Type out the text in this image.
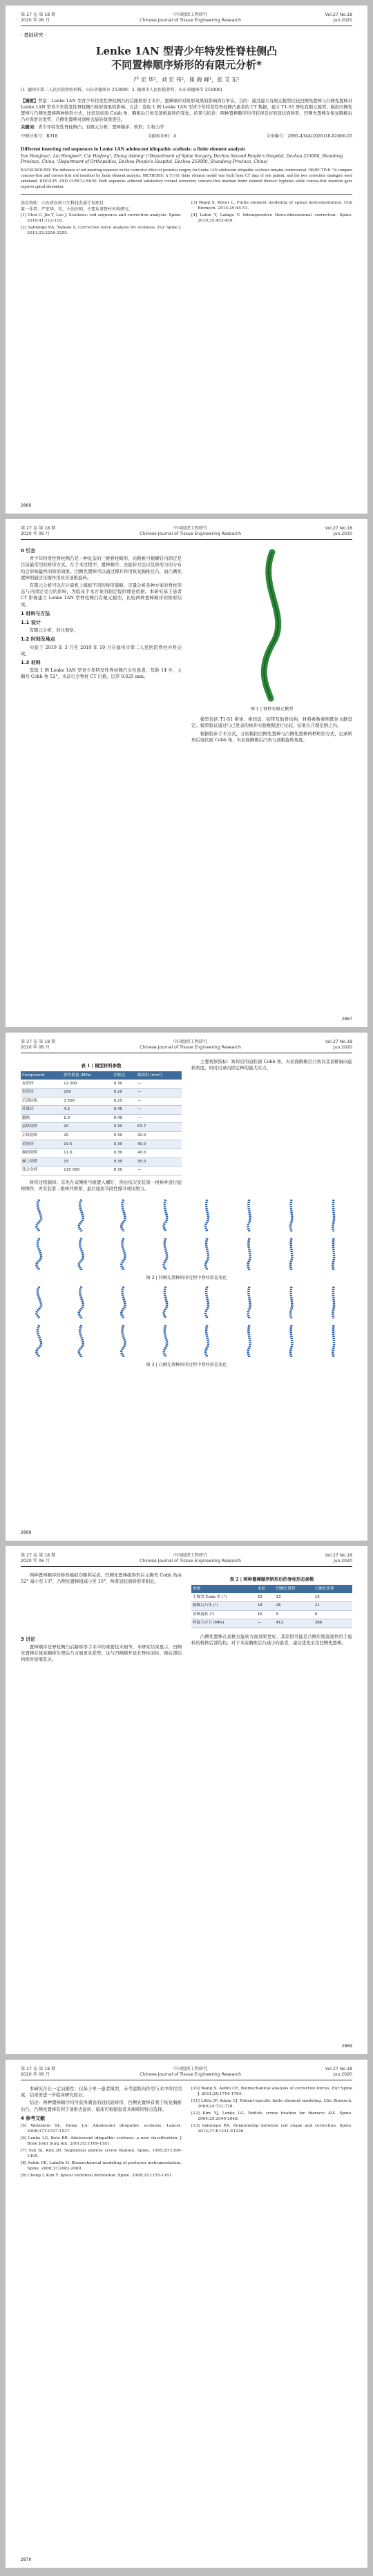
第 27 卷 第 18 期
2020 年 06 月
中国组织工程研究
Chinese Journal of Tissue Engineering Research
Vol.27 No.18
Jun.2020
· 基础研究 ·

Lenke 1AN 型青少年特发性脊柱侧凸
不同置棒顺序矫形的有限元分析*

严 宏 华¹，刘 宏 伟²，崔 海 峰¹，张 艾 东¹
(1. 德州市第二人民医院脊柱外科，山东省德州市 253000；2. 德州市人民医院骨科，山东省德州市 253000)
【摘要】背景：Lenke 1AN 型青少年特发性脊柱侧凸的后路矫形手术中，置棒顺序对矫形效果的影响尚存争议。目的：通过建立有限元模型比较凹侧先置棒与凸侧先置棒对 Lenke 1AN 型青少年特发性脊柱侧凸矫形效果的影响。方法：选取 1 例 Lenke 1AN 型青少年特发性脊柱侧凸患者的 CT 数据，建立 T1-S1 脊柱有限元模型，模拟凹侧先置棒与凸侧先置棒两种矫形方式，比较冠状面 Cobb 角、胸椎后凸角及顶椎旋转的变化。结果与结论：两种置棒顺序均可获得良好的冠状面矫形，凹侧先置棒在恢复胸椎后凸方面更具优势，凸侧先置棒对顶椎去旋转效果更佳。
关键词：青少年特发性脊柱侧凸；有限元分析；置棒顺序；矫形；生物力学
中图分类号：R318	文献标识码：A	文章编号：2095-4344(2020)18-02866-05
Different inserting rod sequences in Lenke 1AN adolescent idiopathic scoliosis: a finite element analysis
Yan Honghua¹, Liu Hongwei², Cui Haifeng¹, Zhang Aidong¹ (¹Department of Spine Surgery, Dezhou Second People's Hospital, Dezhou 253000, Shandong Province, China; ²Department of Orthopedics, Dezhou People's Hospital, Dezhou 253000, Shandong Province, China)
BACKGROUND: The influence of rod inserting sequence on the corrective effect of posterior surgery for Lenke 1AN adolescent idiopathic scoliosis remains controversial. OBJECTIVE: To compare concave-first and convex-first rod insertion by finite element analysis. METHODS: A T1-S1 finite element model was built from CT data of one patient, and the two correction strategies were simulated. RESULTS AND CONCLUSION: Both sequences achieved satisfactory coronal correction; concave-first insertion better restored thoracic kyphosis while convex-first insertion gave superior apical derotation.
基金资助：山东省医药卫生科技发展计划项目
第一作者：严宏华，男，主治医师，主要从事脊柱外科研究。
[1] Choi C, Jin Y, Lee J. Scoliosis: rod sequence and correction analysis. Spine. 2016;41:112-118.
[2] Salmingo RA, Tadano S. Corrective force analysis for scoliosis. Eur Spine J. 2013;22:2250-2255.
[3] Wang X, Boyer L. Finite element modeling of spinal instrumentation. Clin Biomech. 2014;29:44-51.
[4] Lafon Y, Lafage V. Intraoperative three-dimensional correction. Spine. 2010;35:453-459.
2866
第 27 卷 第 18 期
2020 年 06 月
中国组织工程研究
Chinese Journal of Tissue Engineering Research
Vol.27 No.18
Jun.2020
0 引言

青少年特发性脊柱侧凸是一种复杂的三维脊柱畸形，后路椎弓根螺钉内固定是目前最常用的矫形方式。在手术过程中，置棒顺序、去旋转方法以及矫形力的分布均会影响最终的矫形效果。凹侧先置棒可以通过撑开作用恢复胸椎后凸，而凸侧先置棒则通过压缩作用改善顶椎旋转。

有限元分析可以在计算机上模拟不同的矫形策略，定量分析各种方案对脊柱形态与内固定受力的影响，为临床手术方案的制定提供理论依据。本研究基于患者 CT 影像建立 Lenke 1AN 型脊柱侧凸有限元模型，比较两种置棒顺序的矫形结果。

1 材料与方法
1.1 设计

有限元分析，对比观察。

1.2 时间及地点

实验于 2019 年 3 月至 2019 年 10 月在德州市第二人民医院脊柱外科完成。

1.3 材料

选取 1 例 Lenke 1AN 型青少年特发性脊柱侧凸女性患者，年龄 14 岁，主胸弯 Cobb 角 52°，术前行全脊柱 CT 扫描，层厚 0.625 mm。

图 1 | 脊柱有限元模型

模型包括 T1-S1 椎体、椎间盘、韧带及肋骨结构，材料参数参照既往文献设定。模型验证通过与已发表的体外实验数据进行比较，结果在合理范围之内。

根据临床手术方式，分别模拟凹侧先置棒与凸侧先置棒两种矫形方式，记录矫形后冠状面 Cobb 角、矢状面胸椎后凸角与顶椎旋转角度。

2867
第 27 卷 第 18 期
2020 年 06 月
中国组织工程研究
Chinese Journal of Tissue Engineering Research
Vol.27 No.18
Jun.2020
表 1 | 模型材料参数
Component	弹性模量 (MPa)	泊松比	截面积 (mm²)
皮质骨	12 000	0.30	—
松质骨	100	0.20	—
后部结构	3 500	0.25	—
纤维环	4.2	0.45	—
髓核	1.0	0.49	—
前纵韧带	20	0.30	63.7
后纵韧带	20	0.30	20.0
黄韧带	19.5	0.30	40.0
棘间韧带	11.6	0.30	40.0
棘上韧带	15	0.30	30.0
钛合金棒	110 000	0.30	—

矫形过程模拟：首先在双侧椎弓根置入螺钉，然后依次安装第一根棒并进行旋棒操作，再安装第二根棒并锁紧，最后施加节段性撑开或压缩力。

主要观察指标：矫形后的冠状面 Cobb 角、矢状面胸椎后凸角以及顶椎轴向旋转角度，同时记录内固定棒的最大应力。

图 2 | 凹侧先置棒矫形过程中脊柱形态变化
图 3 | 凸侧先置棒矫形过程中脊柱形态变化
2868
第 27 卷 第 18 期
2020 年 06 月
中国组织工程研究
Chinese Journal of Tissue Engineering Research
Vol.27 No.18
Jun.2020

两种置棒顺序的矫形模拟均顺利完成。凹侧先置棒组矫形后主胸弯 Cobb 角由 52° 减小至 13°，凸侧先置棒组减小至 15°，两者冠状面矫形率相近。	表 2 | 两种置棒顺序矫形后的脊柱形态参数
参数	术前	凹侧先置棒	凸侧先置棒
主胸弯 Cobb 角 (°)	52	13	15
胸椎后凸角 (°)	18	26	21
顶椎旋转 (°)	16	9	6
棒最大应力 (MPa)	—	412	386
3 讨论

置棒顺序是脊柱侧凸后路矫形手术中的重要技术细节。本研究结果显示，凹侧先置棒在恢复胸椎生理后凸方面更具优势，这与凹侧撑开延长脊柱前柱、使后部结构相对短缩有关。

凸侧先置棒在顶椎去旋转方面效果更好，其原因可能是凸侧压缩直接作用于旋转的椎体后部结构。对于术前胸椎后凸减小的患者，建议优先采用凹侧先置棒。

2869
第 27 卷 第 18 期
2020 年 06 月
中国组织工程研究
Chinese Journal of Tissue Engineering Research
Vol.27 No.18
Jun.2020

本研究存在一定局限性：仅基于单一患者模型，未考虑肌肉作用与术中体位因素，结果需进一步临床研究验证。

结论：两种置棒顺序均可获得满意的冠状面矫形，凹侧先置棒有利于恢复胸椎后凸，凸侧先置棒有利于顶椎去旋转，临床可根据患者具体畸形特点选择。

4 参考文献
[5] Weinstein SL, Dolan LA. Adolescent idiopathic scoliosis. Lancet. 2008;371:1527-1537.
[6] Lenke LG, Betz RR. Adolescent idiopathic scoliosis: a new classification. J Bone Joint Surg Am. 2001;83:1169-1181.
[7] Suk SI, Kim JH. Segmental pedicle screw fixation. Spine. 1995;20:1399-1405.
[8] Aubin CE, Labelle H. Biomechanical modeling of posterior instrumentation. Spine. 2008;33:2082-2089.
[9] Cheng I, Kim Y. Apical vertebral derotation. Spine. 2008;33:1155-1161.
[10] Wang X, Aubin CE. Biomechanical analysis of corrective forces. Eur Spine J. 2011;20:1754-1764.
[11] Little JP, Adam CJ. Patient-specific finite element modeling. Clin Biomech. 2009;24:721-728.
[12] Kim YJ, Lenke LG. Pedicle screw fixation for thoracic AIS. Spine. 2004;29:2040-2048.
[13] Salmingo RA. Relationship between rod shape and correction. Spine. 2012;37:E1221-E1226.
2870
